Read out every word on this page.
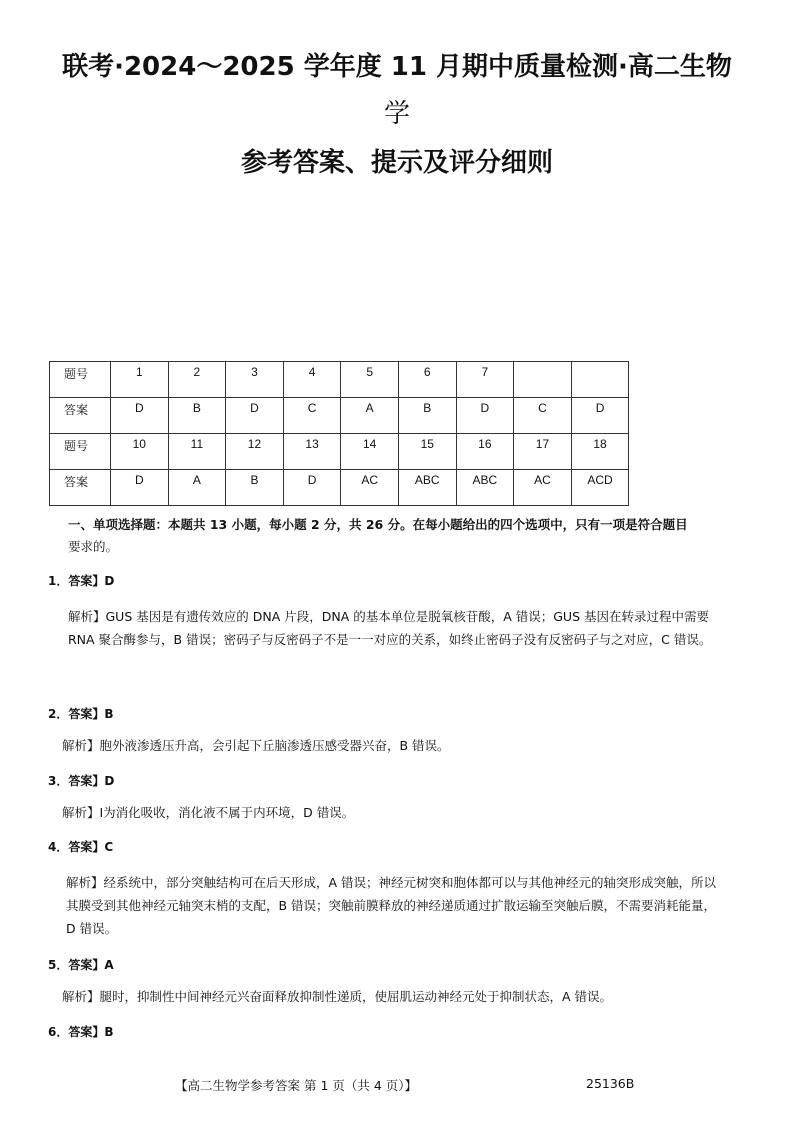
联考·2024～2025 学年度 11 月期中质量检测·高二生物
学
参考答案、提示及评分细则
题号	1	2	3	4	5	6	7		
答案	D	B	D	C	A	B	D	C	D
题号	10	11	12	13	14	15	16	17	18
答案	D	A	B	D	AC	ABC	ABC	AC	ACD
一、单项选择题：本题共 13 小题，每小题 2 分，共 26 分。在每小题给出的四个选项中，只有一项是符合题目
要求的。
1．答案】D
解析】GUS 基因是有遗传效应的 DNA 片段，DNA 的基本单位是脱氧核苷酸，A 错误；GUS 基因在转录过程中需要 RNA 聚合酶参与，B 错误；密码子与反密码子不是一一对应的关系，如终止密码子没有反密码子与之对应，C 错误。
2．答案】B
解析】胞外液渗透压升高，会引起下丘脑渗透压感受器兴奋，B 错误。
3．答案】D
解析】Ⅰ为消化吸收，消化液不属于内环境，D 错误。
4．答案】C
解析】经系统中，部分突触结构可在后天形成，A 错误；神经元树突和胞体都可以与其他神经元的轴突形成突触，所以其膜受到其他神经元轴突末梢的支配，B 错误；突触前膜释放的神经递质通过扩散运输至突触后膜，不需要消耗能量，D 错误。
5．答案】A
解析】腿时，抑制性中间神经元兴奋面释放抑制性递质，使屈肌运动神经元处于抑制状态，A 错误。
6．答案】B
【高二生物学参考答案 第 1 页（共 4 页）】	25136B
